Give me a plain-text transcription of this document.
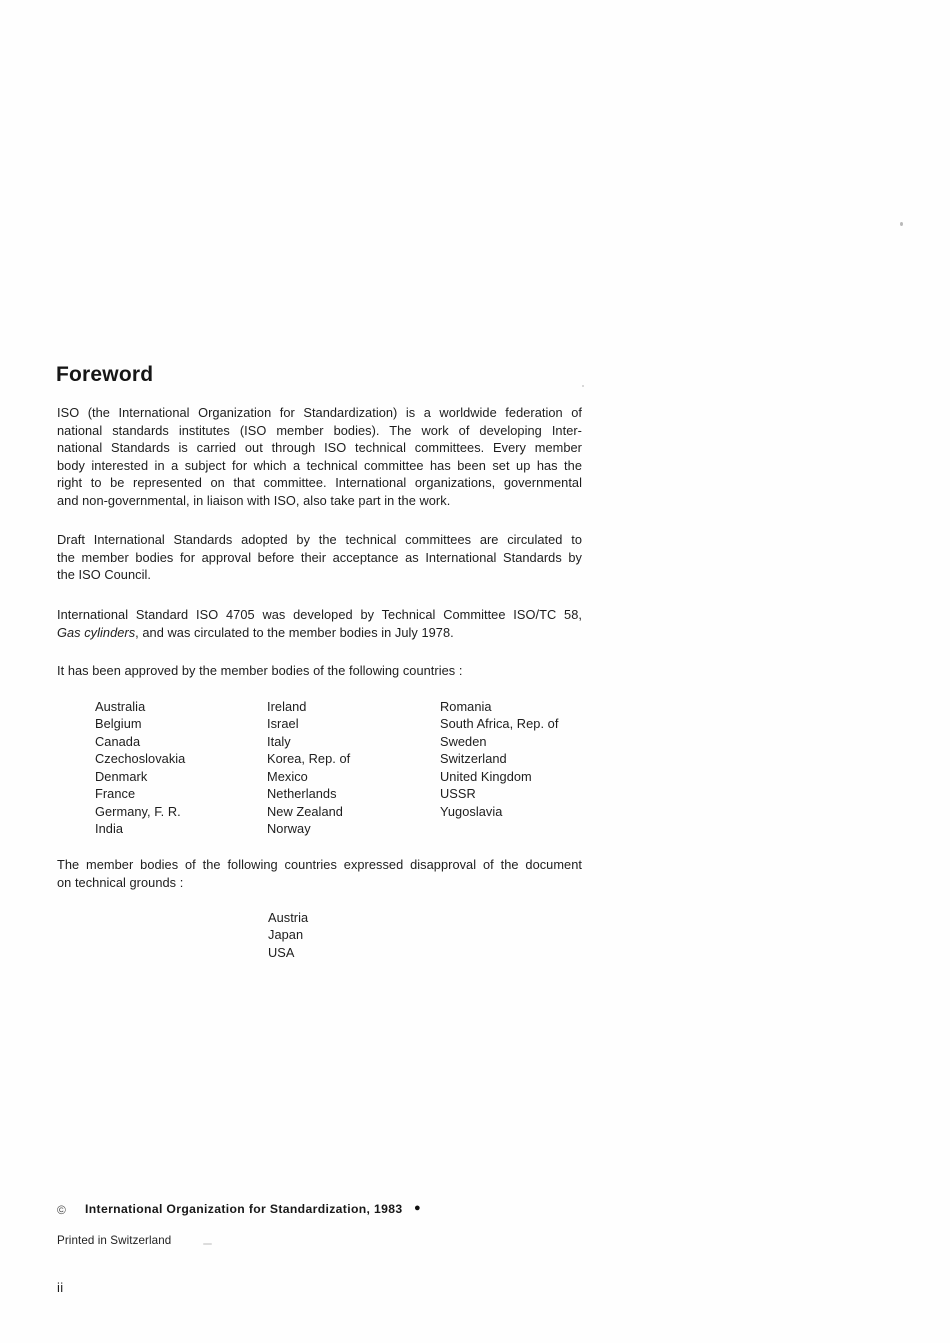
Foreword
ISO (the International Organization for Standardization) is a worldwide federation of
national standards institutes (ISO member bodies). The work of developing Inter-
national Standards is carried out through ISO technical committees. Every member
body interested in a subject for which a technical committee has been set up has the
right to be represented on that committee. International organizations, governmental
and non-governmental, in liaison with ISO, also take part in the work.
Draft International Standards adopted by the technical committees are circulated to
the member bodies for approval before their acceptance as International Standards by
the ISO Council.
International Standard ISO 4705 was developed by Technical Committee ISO/TC 58,
Gas cylinders, and was circulated to the member bodies in July 1978.
It has been approved by the member bodies of the following countries :
Australia
Belgium
Canada
Czechoslovakia
Denmark
France
Germany, F. R.
India
Ireland
Israel
Italy
Korea, Rep. of
Mexico
Netherlands
New Zealand
Norway
Romania
South Africa, Rep. of
Sweden
Switzerland
United Kingdom
USSR
Yugoslavia
The member bodies of the following countries expressed disapproval of the document
on technical grounds :
Austria
Japan
USA
© International Organization for Standardization, 1983 ●
Printed in Switzerland
ii
